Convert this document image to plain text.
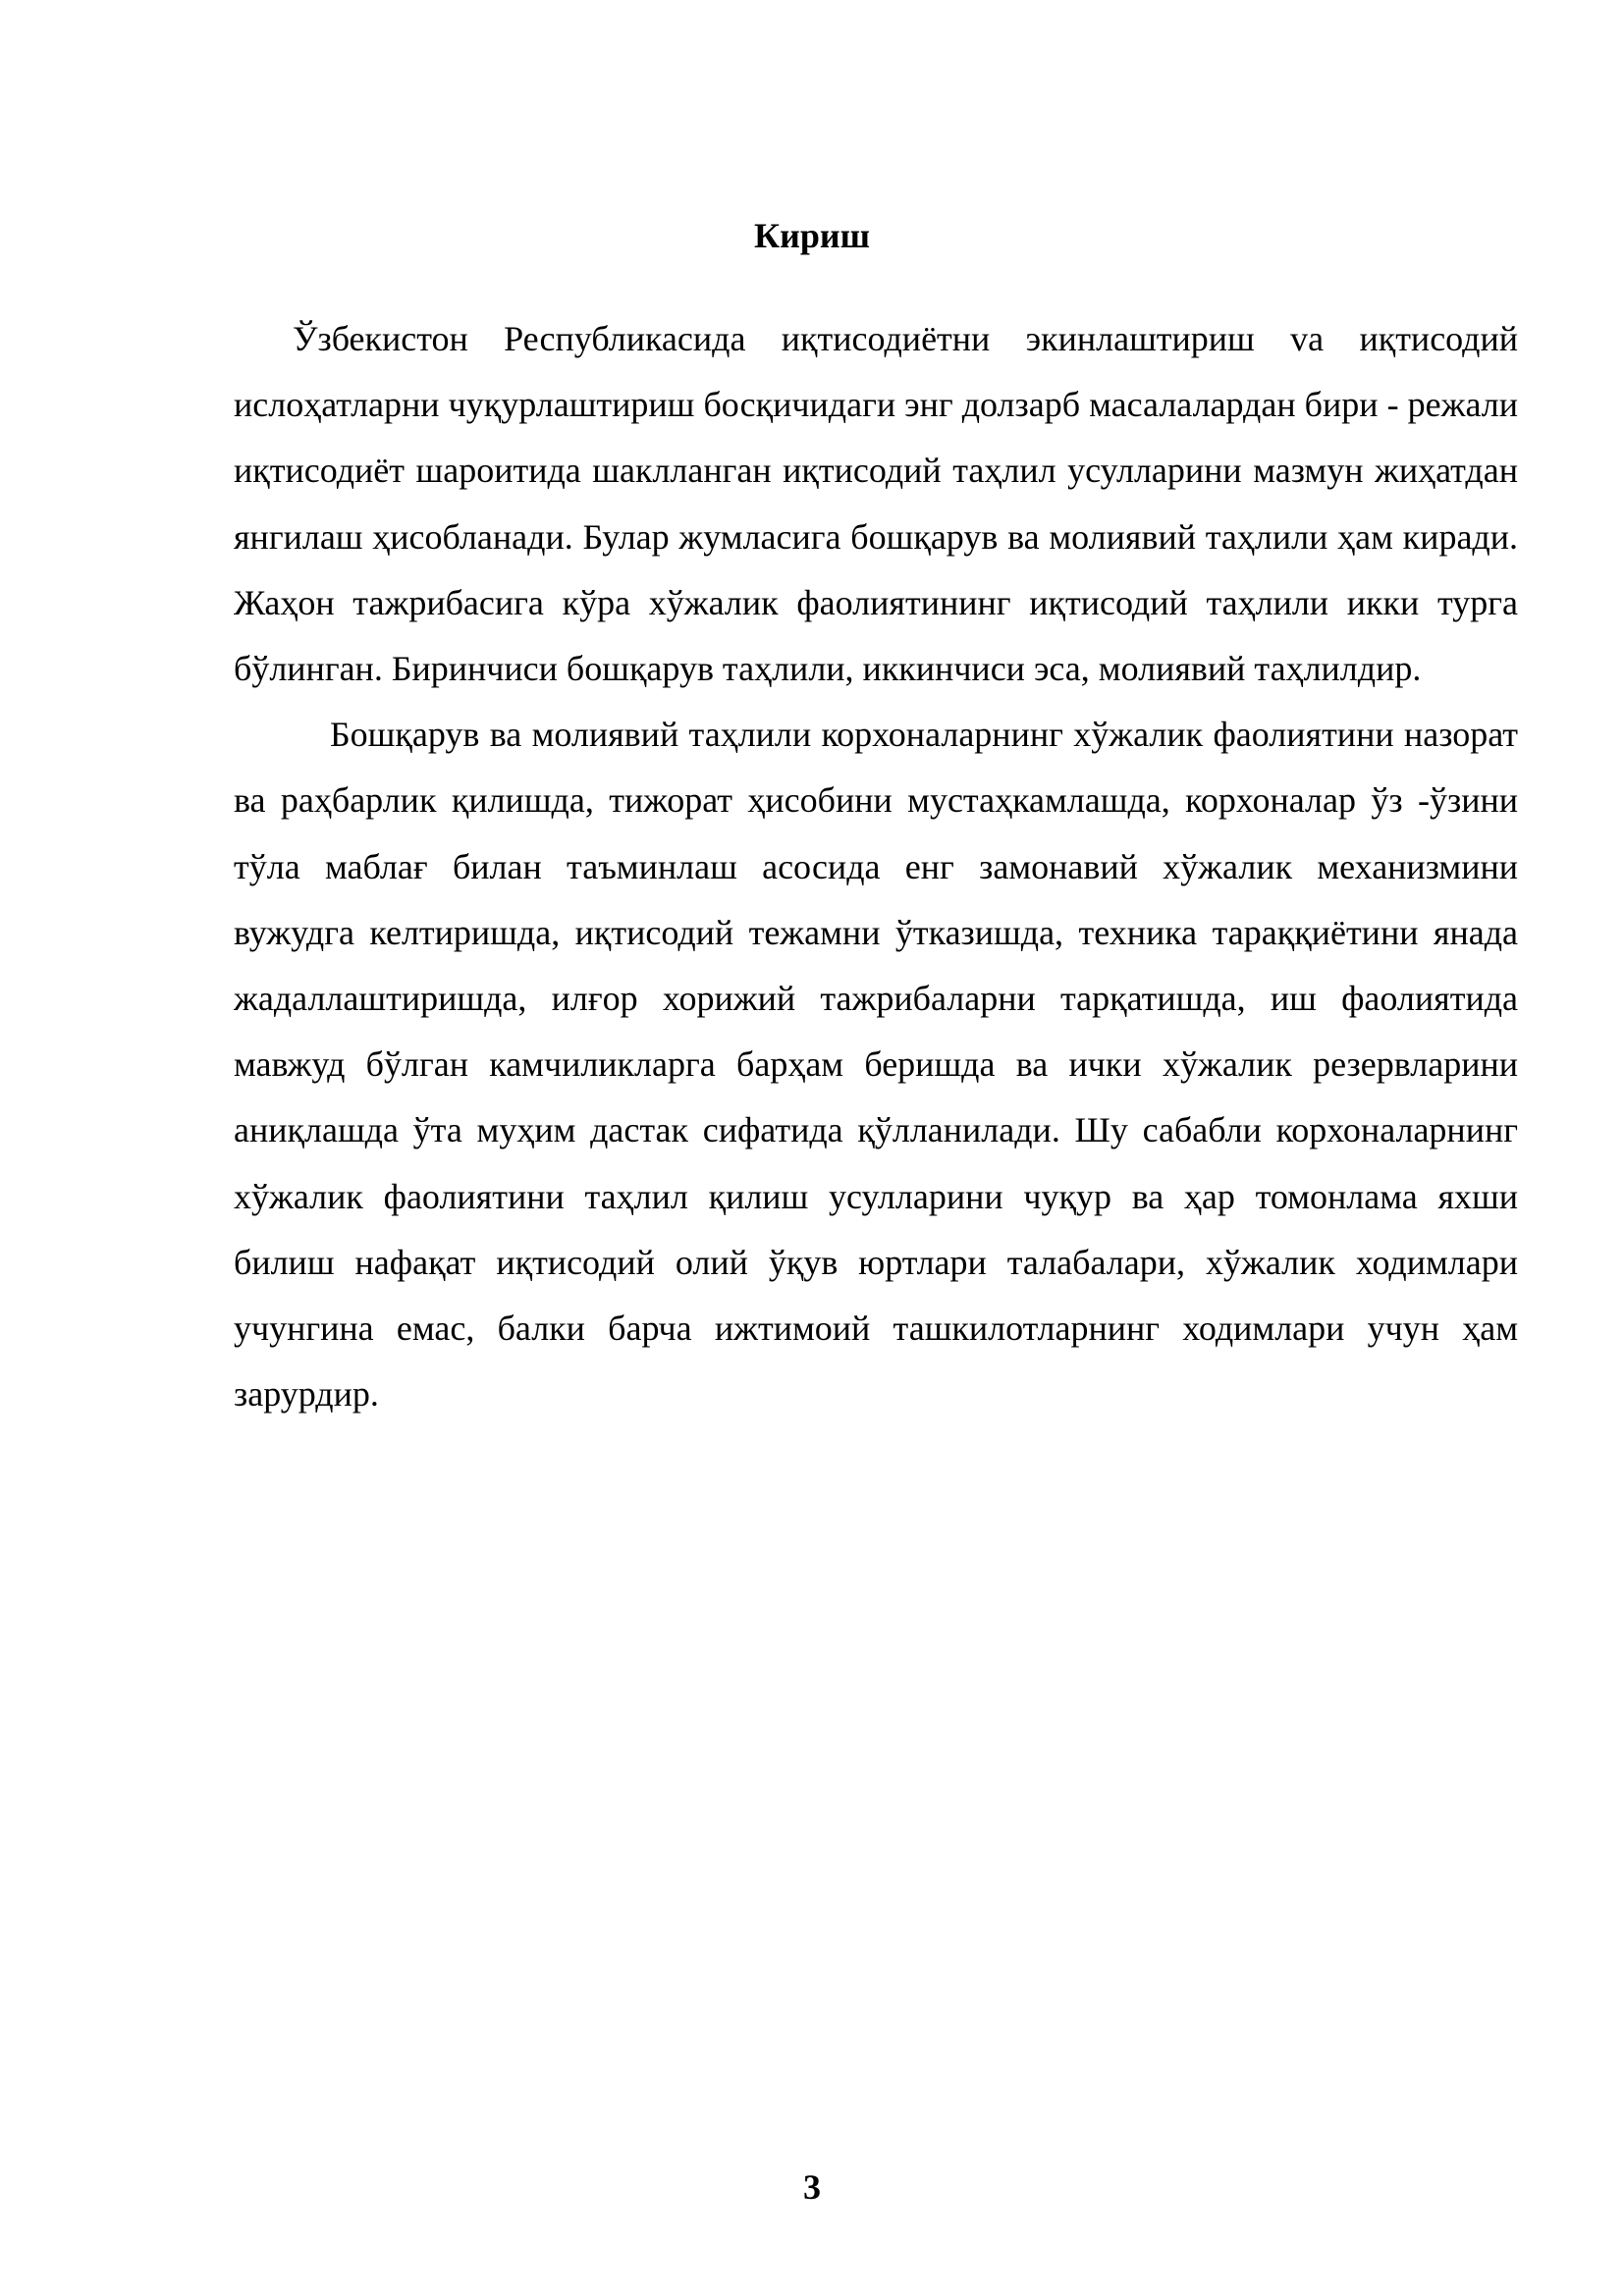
Кириш

Ўзбекистон Республикасида иқтисодиётни экинлаштириш va иқтисодий ислоҳатларни чуқурлаштириш босқичидаги энг долзарб масалалардан бири - режали иқтисодиёт шароитида шаклланган иқтисодий таҳлил усулларини мазмун жиҳатдан янгилаш ҳисобланади. Булар жумласига бошқарув ва молиявий таҳлили ҳам киради. Жаҳон тажрибасига кўра хўжалик фаолиятининг иқтисодий таҳлили икки турга бўлинган. Биринчиси бошқарув таҳлили, иккинчиси эса, молиявий таҳлилдир.

Бошқарув ва молиявий таҳлили корхоналарнинг хўжалик фаолиятини назорат ва раҳбарлик қилишда, тижорат ҳисобини мустаҳкамлашда, корхоналар ўз -ўзини тўла маблағ билан таъминлаш асосида енг замонавий хўжалик механизмини вужудга келтиришда, иқтисодий тежамни ўтказишда, техника тараққиётини янада жадаллаштиришда, илғор хорижий тажрибаларни тарқатишда, иш фаолиятида мавжуд бўлган камчиликларга барҳам беришда ва ички хўжалик резервларини аниқлашда ўта муҳим дастак сифатида қўлланилади. Шу сабабли корхоналарнинг хўжалик фаолиятини таҳлил қилиш усулларини чуқур ва ҳар томонлама яхши билиш нафақат иқтисодий олий ўқув юртлари талабалари, хўжалик ходимлари учунгина емас, балки барча ижтимоий ташкилотларнинг ходимлари учун ҳам зарурдир.

3
